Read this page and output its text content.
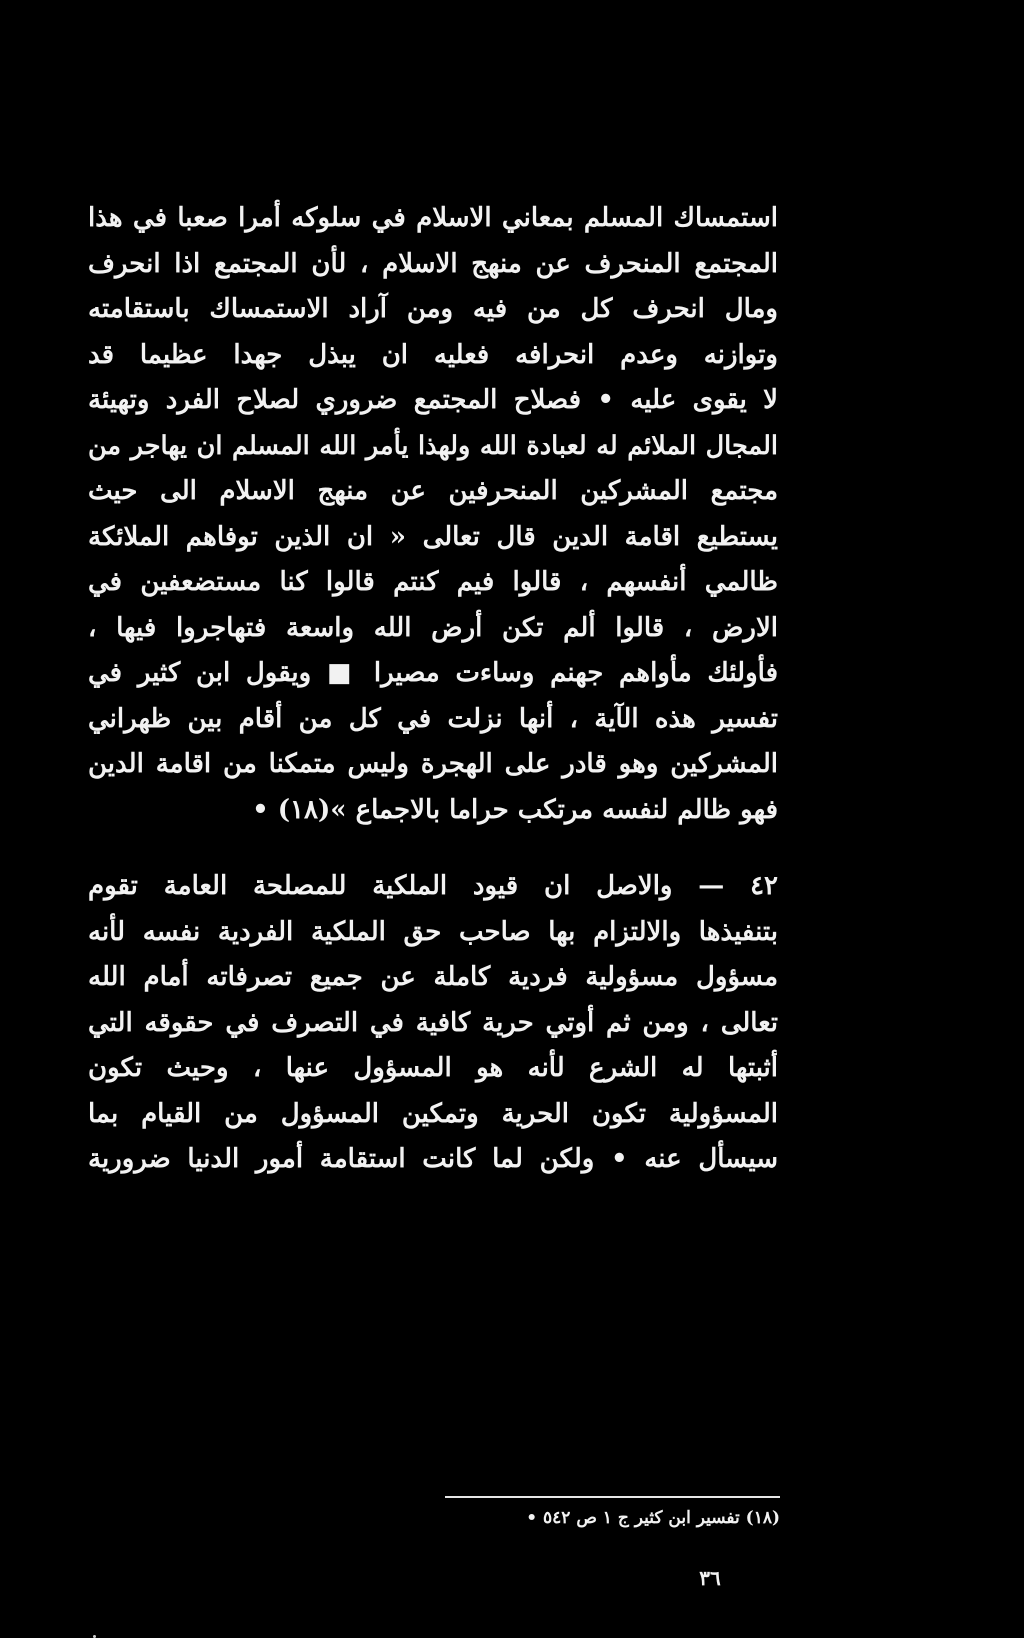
استمساك المسلم بمعاني الاسلام في سلوكه أمرا صعبا في هذا
المجتمع المنحرف عن منهج الاسلام ، لأن المجتمع اذا انحرف
ومال انحرف كل من فيه ومن آراد الاستمساك باستقامته
وتوازنه وعدم انحرافه فعليه ان يبذل جهدا عظيما قد
لا يقوى عليه • فصلاح المجتمع ضروري لصلاح الفرد وتهيئة
المجال الملائم له لعبادة الله ولهذا يأمر الله المسلم ان يهاجر من
مجتمع المشركين المنحرفين عن منهج الاسلام الى حيث
يستطيع اقامة الدين قال تعالى « ان الذين توفاهم الملائكة
ظالمي أنفسهم ، قالوا فيم كنتم قالوا كنا مستضعفين في
الارض ، قالوا ألم تكن أرض الله واسعة فتهاجروا فيها ،
فأولئك مأواهم جهنم وساءت مصيرا ■ ويقول ابن كثير في
تفسير هذه الآية ، أنها نزلت في كل من أقام بين ظهراني
المشركين وهو قادر على الهجرة وليس متمكنا من اقامة الدين
فهو ظالم لنفسه مرتكب حراما بالاجماع »(١٨) •
٤٢ — والاصل ان قيود الملكية للمصلحة العامة تقوم
بتنفيذها والالتزام بها صاحب حق الملكية الفردية نفسه لأنه
مسؤول مسؤولية فردية كاملة عن جميع تصرفاته أمام الله
تعالى ، ومن ثم أوتي حرية كافية في التصرف في حقوقه التي
أثبتها له الشرع لأنه هو المسؤول عنها ، وحيث تكون
المسؤولية تكون الحرية وتمكين المسؤول من القيام بما
سيسأل عنه • ولكن لما كانت استقامة أمور الدنيا ضرورية
(١٨) تفسير ابن كثير ج ١ ص ٥٤٢ •
٣٦
